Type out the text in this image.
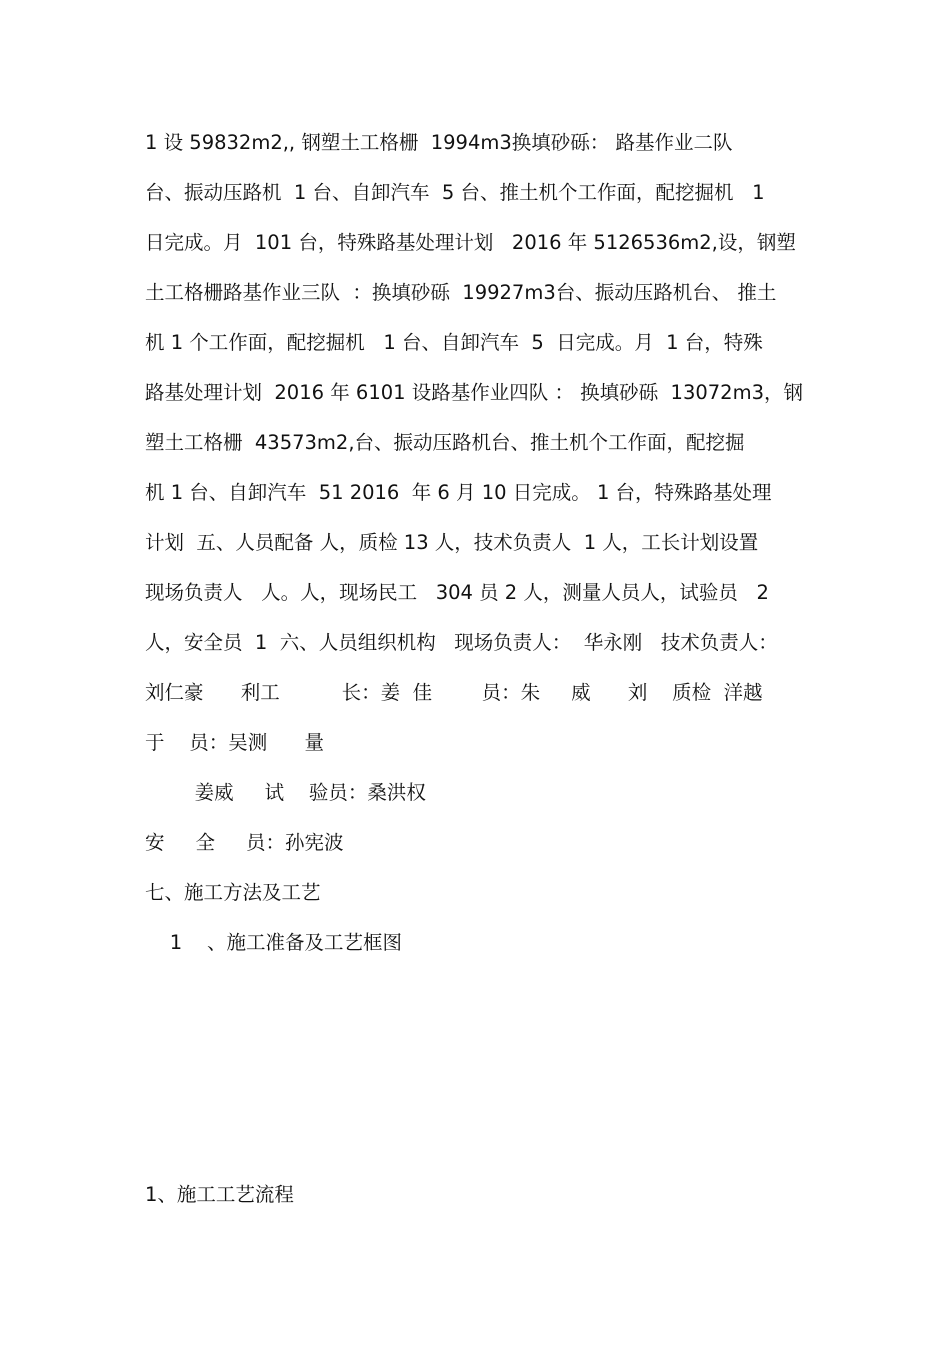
1 设 59832m2,, 钢塑土工格栅  1994m3换填砂砾： 路基作业二队
台、振动压路机  1 台、自卸汽车  5 台、推土机个工作面，配挖掘机   1
日完成。月  101 台，特殊路基处理计划   2016 年 5126536m2,设，钢塑
土工格栅路基作业三队  ：换填砂砾  19927m3台、振动压路机台、 推土
机 1 个工作面，配挖掘机   1 台、自卸汽车  5  日完成。月  1 台，特殊
路基处理计划  2016 年 6101 设路基作业四队 ： 换填砂砾  13072m3，钢
塑土工格栅  43573m2,台、振动压路机台、推土机个工作面，配挖掘
机 1 台、自卸汽车  51 2016  年 6 月 10 日完成。 1 台，特殊路基处理
计划  五、人员配备 人，质检 13 人，技术负责人  1 人，工长计划设置
现场负责人   人。人，现场民工   304 员 2 人，测量人员人，试验员   2
人，安全员  1  六、人员组织机构   现场负责人：  华永刚   技术负责人：
刘仁豪      利工          长：姜  佳        员：朱     威      刘    质检  洋越
于    员：吴测      量
姜威     试    验员：桑洪权
安     全     员：孙宪波
七、施工方法及工艺
1    、施工准备及工艺框图
1、施工工艺流程
